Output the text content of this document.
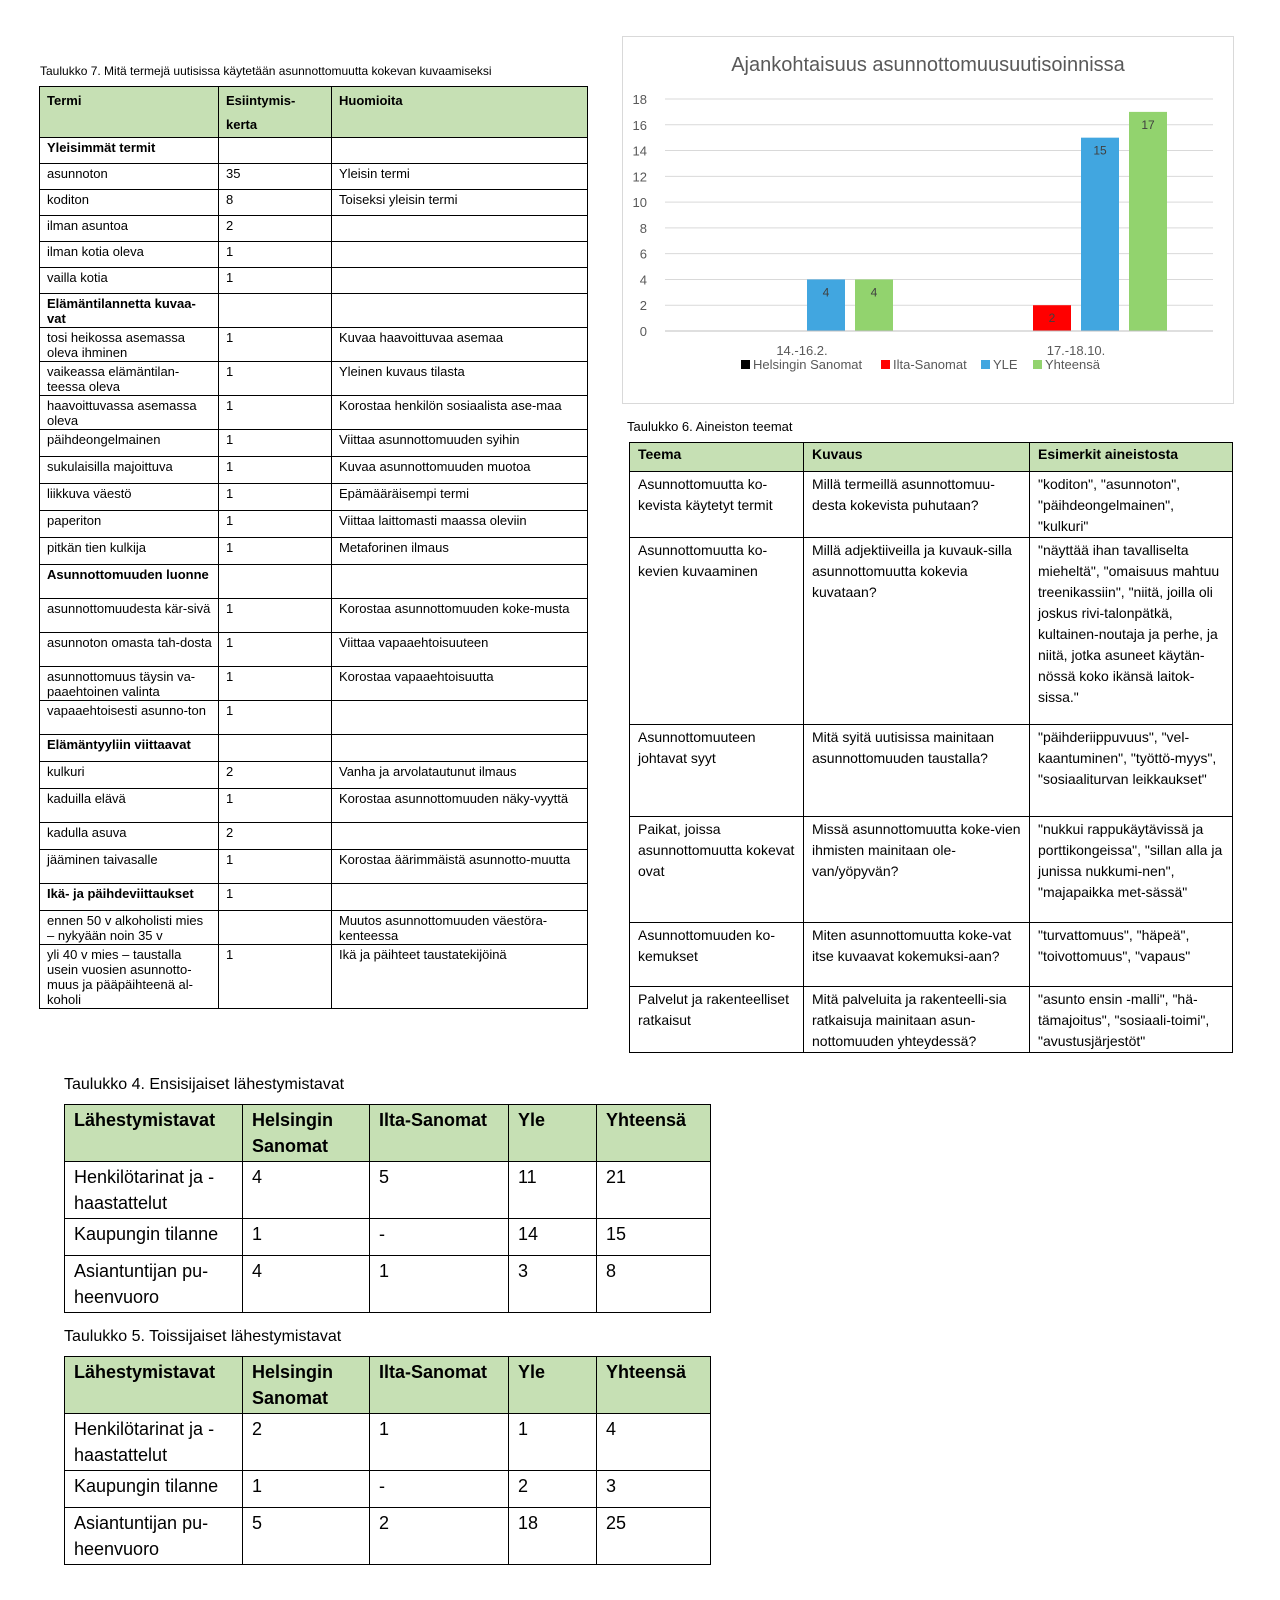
Taulukko 7. Mitä termejä uutisissa käytetään asunnottomuutta kokevan kuvaamiseksi
Termi	Esiintymis-kerta	Huomioita
Yleisimmät termit		
asunnoton	35	Yleisin termi
koditon	8	Toiseksi yleisin termi
ilman asuntoa	2	
ilman kotia oleva	1	
vailla kotia	1	
Elämäntilannetta kuvaa-vat		
tosi heikossa asemassa oleva ihminen	1	Kuvaa haavoittuvaa asemaa
vaikeassa elämäntilan-teessa oleva	1	Yleinen kuvaus tilasta
haavoittuvassa asemassa oleva	1	Korostaa henkilön sosiaalista ase-maa
päihdeongelmainen	1	Viittaa asunnottomuuden syihin
sukulaisilla majoittuva	1	Kuvaa asunnottomuuden muotoa
liikkuva väestö	1	Epämääräisempi termi
paperiton	1	Viittaa laittomasti maassa oleviin
pitkän tien kulkija	1	Metaforinen ilmaus
Asunnottomuuden luonne		
asunnottomuudesta kär-sivä	1	Korostaa asunnottomuuden koke-musta
asunnoton omasta tah-dosta	1	Viittaa vapaaehtoisuuteen
asunnottomuus täysin va-paaehtoinen valinta	1	Korostaa vapaaehtoisuutta
vapaaehtoisesti asunno-ton	1	
Elämäntyyliin viittaavat		
kulkuri	2	Vanha ja arvolatautunut ilmaus
kaduilla elävä	1	Korostaa asunnottomuuden näky-vyyttä
kadulla asuva	2	
jääminen taivasalle	1	Korostaa äärimmäistä asunnotto-muutta
Ikä- ja päihdeviittaukset	1	
ennen 50 v alkoholisti mies – nykyään noin 35 v		Muutos asunnottomuuden väestöra-kenteessa
yli 40 v mies – taustalla usein vuosien asunnotto-muus ja pääpäihteenä al-koholi	1	Ikä ja päihteet taustatekijöinä
Ajankohtaisuus asunnottomuusuutisoinnissa
0
2
4
6
8
10
12
14
16
18
4	4
2
15
17
14.-16.2.	17.-18.10.
Helsingin Sanomat Ilta-Sanomat YLE Yhteensä
Taulukko 6. Aineiston teemat
Teema	Kuvaus	Esimerkit aineistosta
Asunnottomuutta ko-kevista käytetyt termit	Millä termeillä asunnottomuu-desta kokevista puhutaan?	"koditon", "asunnoton", "päihdeongelmainen", "kulkuri"
Asunnottomuutta ko-kevien kuvaaminen	Millä adjektiiveilla ja kuvauk-silla asunnottomuutta kokevia kuvataan?	"näyttää ihan tavalliselta mieheltä", "omaisuus mahtuu treenikassiin", "niitä, joilla oli joskus rivi-talonpätkä, kultainen-noutaja ja perhe, ja niitä, jotka asuneet käytän-nössä koko ikänsä laitok-sissa."
Asunnottomuuteen johtavat syyt	Mitä syitä uutisissa mainitaan asunnottomuuden taustalla?	"päihderiippuvuus", "vel-kaantuminen", "työttö-myys", "sosiaaliturvan leikkaukset"
Paikat, joissa asunnottomuutta kokevat ovat	Missä asunnottomuutta koke-vien ihmisten mainitaan ole-van/yöpyvän?	"nukkui rappukäytävissä ja porttikongeissa", "sillan alla ja junissa nukkumi-nen", "majapaikka met-sässä"
Asunnottomuuden ko-kemukset	Miten asunnottomuutta koke-vat itse kuvaavat kokemuksi-aan?	"turvattomuus", "häpeä", "toivottomuus", "vapaus"
Palvelut ja rakenteelliset ratkaisut	Mitä palveluita ja rakenteelli-sia ratkaisuja mainitaan asun-nottomuuden yhteydessä?	"asunto ensin -malli", "hä-tämajoitus", "sosiaali-toimi", "avustusjärjestöt"
Taulukko 4. Ensisijaiset lähestymistavat
Lähestymistavat	Helsingin Sanomat	Ilta-Sanomat	Yle	Yhteensä
Henkilötarinat ja - haastattelut	4	5	11	21
Kaupungin tilanne	1	-	14	15
Asiantuntijan pu-heenvuoro	4	1	3	8
Taulukko 5. Toissijaiset lähestymistavat
Lähestymistavat	Helsingin Sanomat	Ilta-Sanomat	Yle	Yhteensä
Henkilötarinat ja - haastattelut	2	1	1	4
Kaupungin tilanne	1	-	2	3
Asiantuntijan pu-heenvuoro	5	2	18	25
